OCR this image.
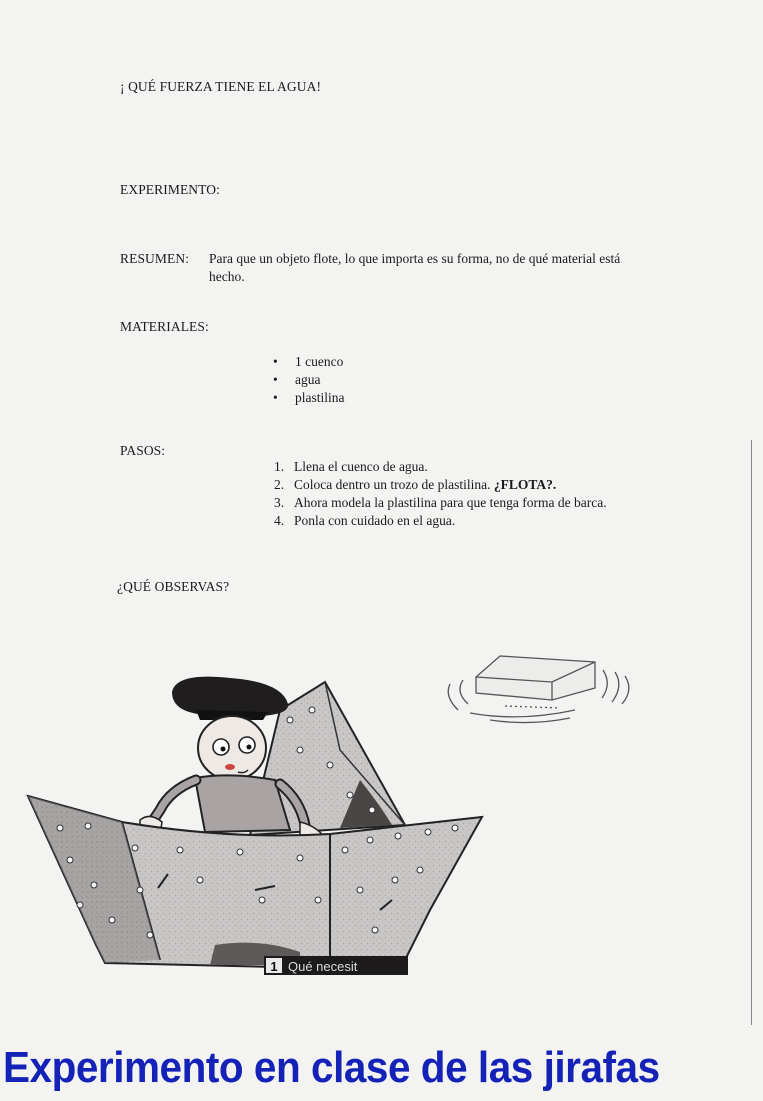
¡ QUÉ FUERZA TIENE EL AGUA!
EXPERIMENTO:
RESUMEN: Para que un objeto flote, lo que importa es su forma, no de qué material está hecho.
MATERIALES:
• 1 cuenco
• agua
• plastilina
PASOS:
1. Llena el cuenco de agua.
2. Coloca dentro un trozo de plastilina.
¿FLOTA?.
3. Ahora modela la plastilina para que tenga forma de barca.
4. Ponla con cuidado en el agua.
¿QUÉ OBSERVAS?
1 Qué necesit
Experimento en clase de las jirafas
